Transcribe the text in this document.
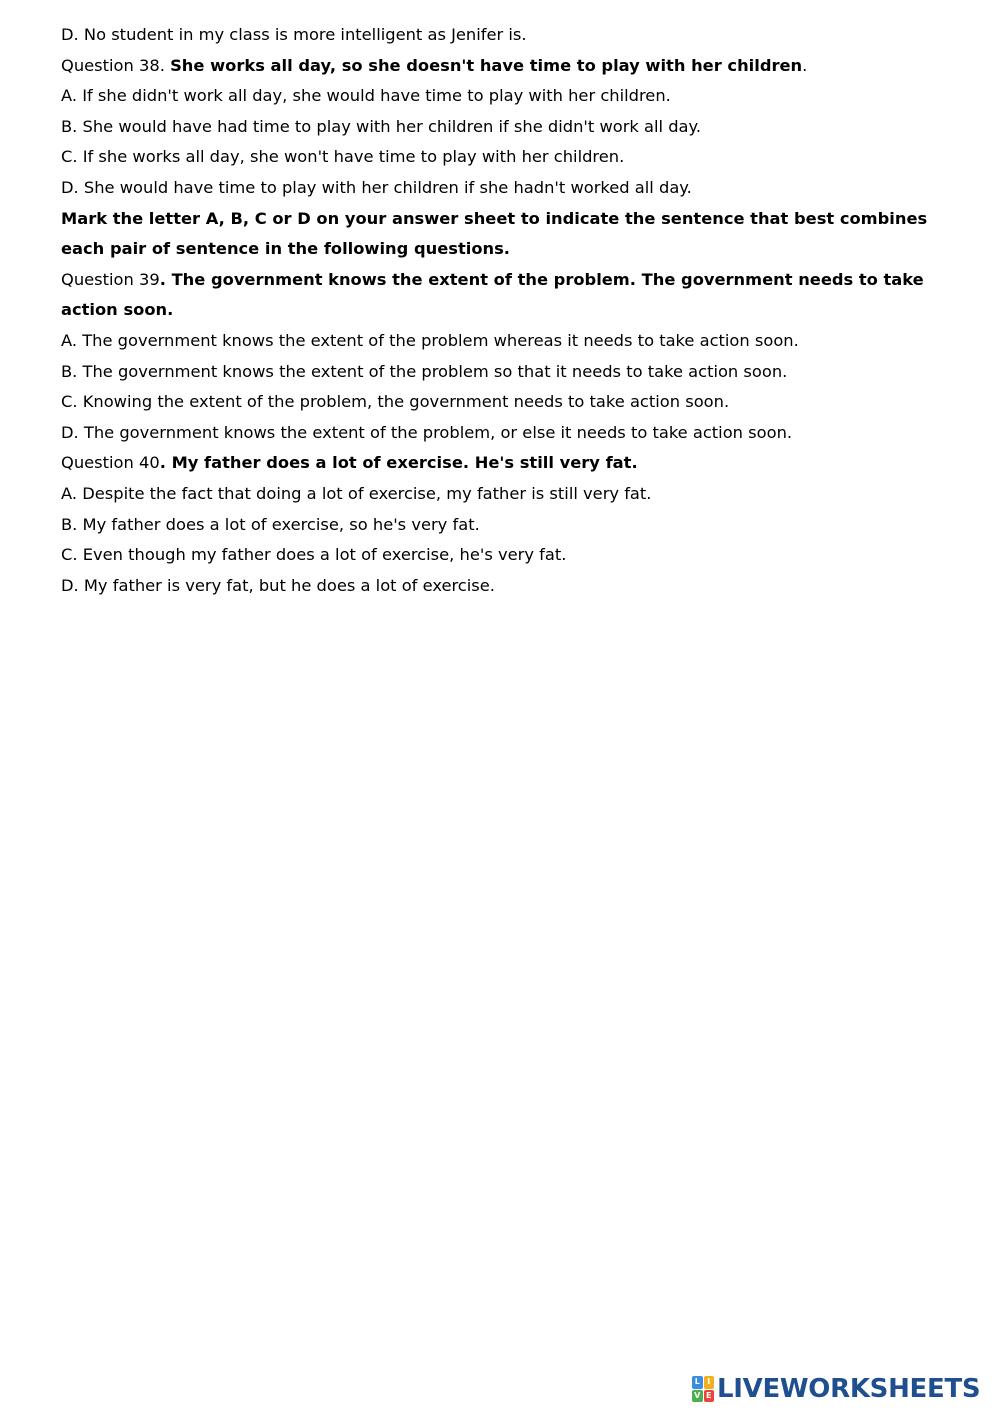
D. No student in my class is more intelligent as Jenifer is.
Question 38. She works all day, so she doesn't have time to play with her children.
A. If she didn't work all day, she would have time to play with her children.
B. She would have had time to play with her children if she didn't work all day.
C. If she works all day, she won't have time to play with her children.
D. She would have time to play with her children if she hadn't worked all day.
Mark the letter A, B, C or D on your answer sheet to indicate the sentence that best combines each pair of sentence in the following questions.
Question 39. The government knows the extent of the problem. The government needs to take action soon.
A. The government knows the extent of the problem whereas it needs to take action soon.
B. The government knows the extent of the problem so that it needs to take action soon.
C. Knowing the extent of the problem, the government needs to take action soon.
D. The government knows the extent of the problem, or else it needs to take action soon.
Question 40. My father does a lot of exercise. He's still very fat.
A. Despite the fact that doing a lot of exercise, my father is still very fat.
B. My father does a lot of exercise, so he's very fat.
C. Even though my father does a lot of exercise, he's very fat.
D. My father is very fat, but he does a lot of exercise.
L I
V E LIVEWORKSHEETS
